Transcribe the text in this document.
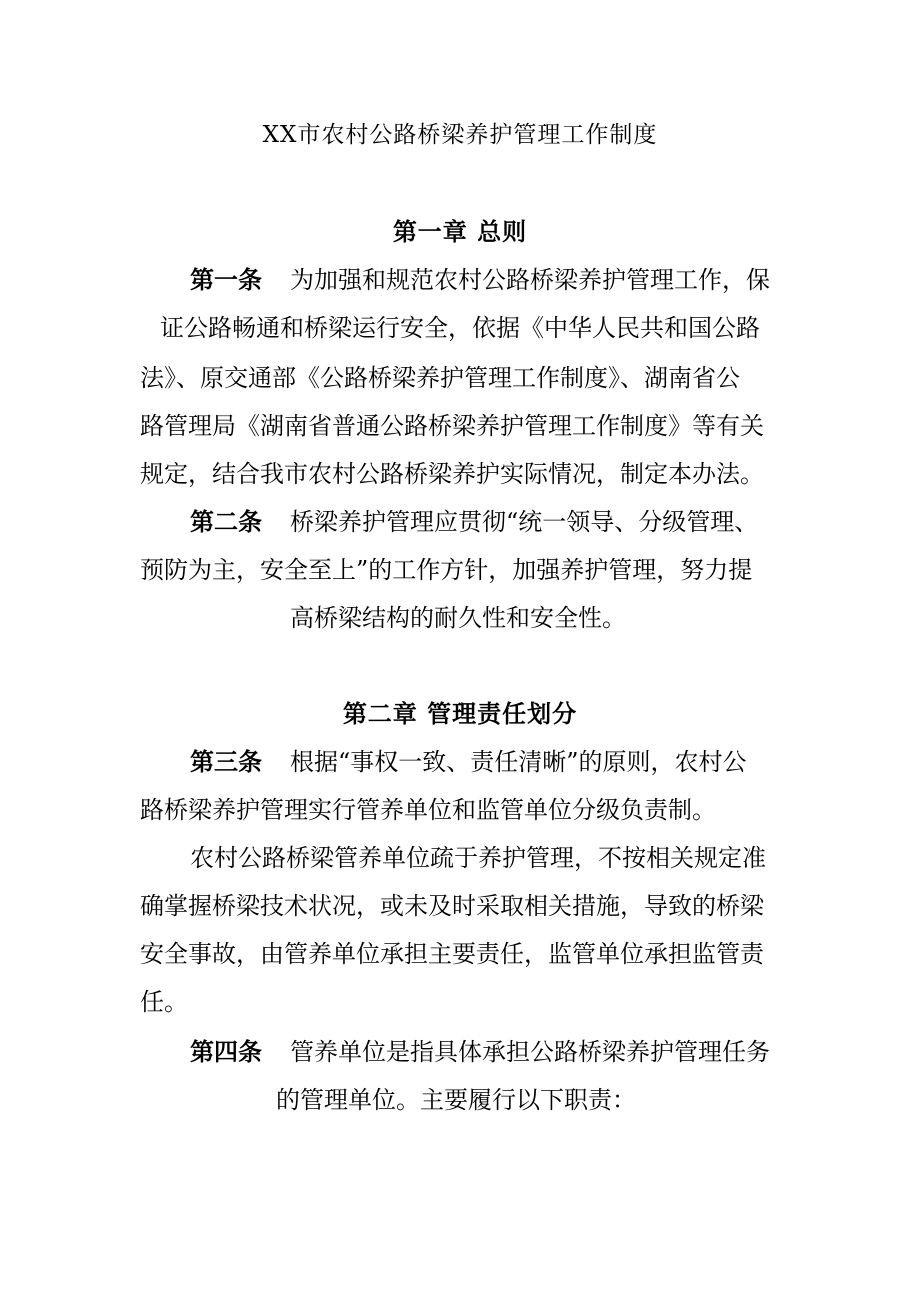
XX市农村公路桥梁养护管理工作制度
第一章 总则
第一条 为加强和规范农村公路桥梁养护管理工作，保
证公路畅通和桥梁运行安全，依据《中华人民共和国公路
法》、原交通部《公路桥梁养护管理工作制度》、湖南省公
路管理局《湖南省普通公路桥梁养护管理工作制度》等有关
规定，结合我市农村公路桥梁养护实际情况，制定本办法。
第二条 桥梁养护管理应贯彻“统一领导、分级管理、
预防为主，安全至上”的工作方针，加强养护管理，努力提
高桥梁结构的耐久性和安全性。
第二章 管理责任划分
第三条 根据“事权一致、责任清晰”的原则，农村公
路桥梁养护管理实行管养单位和监管单位分级负责制。
农村公路桥梁管养单位疏于养护管理，不按相关规定准
确掌握桥梁技术状况，或未及时采取相关措施，导致的桥梁
安全事故，由管养单位承担主要责任，监管单位承担监管责
任。
第四条 管养单位是指具体承担公路桥梁养护管理任务
的管理单位。主要履行以下职责：
